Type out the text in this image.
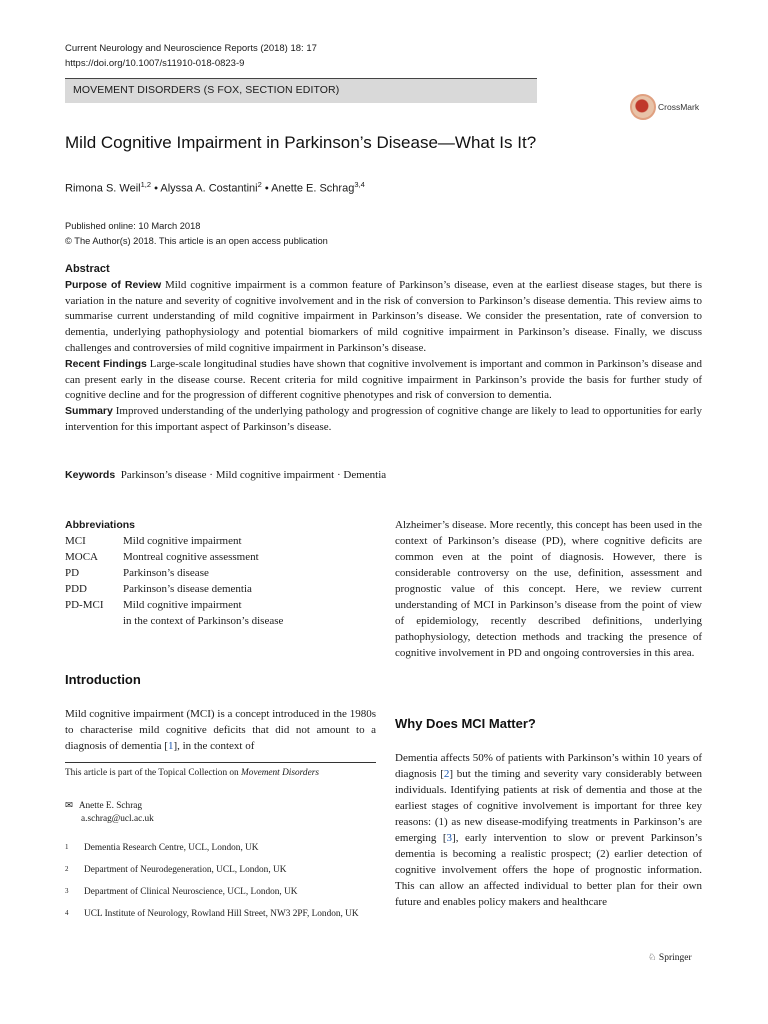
Current Neurology and Neuroscience Reports (2018) 18: 17
https://doi.org/10.1007/s11910-018-0823-9
MOVEMENT DISORDERS (S FOX, SECTION EDITOR)
CrossMark
Mild Cognitive Impairment in Parkinson’s Disease—What Is It?
Rimona S. Weil$^{1,2}$ • Alyssa A. Costantini$^2$ • Anette E. Schrag$^{3,4}$
Published online: 10 March 2018
© The Author(s) 2018. This article is an open access publication
Abstract

Purpose of Review Mild cognitive impairment is a common feature of Parkinson’s disease, even at the earliest disease stages, but there is variation in the nature and severity of cognitive involvement and in the risk of conversion to Parkinson’s disease dementia. This review aims to summarise current understanding of mild cognitive impairment in Parkinson’s disease. We consider the presentation, rate of conversion to dementia, underlying pathophysiology and potential biomarkers of mild cognitive impairment in Parkinson’s disease. Finally, we discuss challenges and controversies of mild cognitive impairment in Parkinson’s disease.

Recent Findings Large-scale longitudinal studies have shown that cognitive involvement is important and common in Parkinson’s disease and can present early in the disease course. Recent criteria for mild cognitive impairment in Parkinson’s provide the basis for further study of cognitive decline and for the progression of different cognitive phenotypes and risk of conversion to dementia.

Summary Improved understanding of the underlying pathology and progression of cognitive change are likely to lead to opportunities for early intervention for this important aspect of Parkinson’s disease.

Keywords Parkinson’s disease · Mild cognitive impairment · Dementia
Abbreviations
MCI	Mild cognitive impairment
MOCA	Montreal cognitive assessment
PD	Parkinson’s disease
PDD	Parkinson’s disease dementia
PD-MCI	Mild cognitive impairment
	in the context of Parkinson’s disease
Introduction
Mild cognitive impairment (MCI) is a concept introduced in the 1980s to characterise mild cognitive deficits that did not amount to a diagnosis of dementia [1], in the context of
This article is part of the Topical Collection on Movement Disorders
✉ Anette E. Schrag
a.schrag@ucl.ac.uk
1 Dementia Research Centre, UCL, London, UK
2 Department of Neurodegeneration, UCL, London, UK
3 Department of Clinical Neuroscience, UCL, London, UK
4 UCL Institute of Neurology, Rowland Hill Street, NW3 2PF, London, UK
Alzheimer’s disease. More recently, this concept has been used in the context of Parkinson’s disease (PD), where cognitive deficits are common even at the point of diagnosis. However, there is considerable controversy on the use, definition, assessment and prognostic value of this concept. Here, we review current understanding of MCI in Parkinson’s disease from the point of view of epidemiology, recently described definitions, underlying pathophysiology, detection methods and tracking the presence of cognitive involvement in PD and ongoing controversies in this area.
Why Does MCI Matter?
Dementia affects 50% of patients with Parkinson’s within 10 years of diagnosis [2] but the timing and severity vary considerably between individuals. Identifying patients at risk of dementia and those at the earliest stages of cognitive involvement is important for three key reasons: (1) as new disease-modifying treatments in Parkinson’s are emerging [3], early intervention to slow or prevent Parkinson’s dementia is becoming a realistic prospect; (2) earlier detection of cognitive involvement offers the hope of prognostic information. This can allow an affected individual to better plan for their own future and enables policy makers and healthcare
♘ Springer
